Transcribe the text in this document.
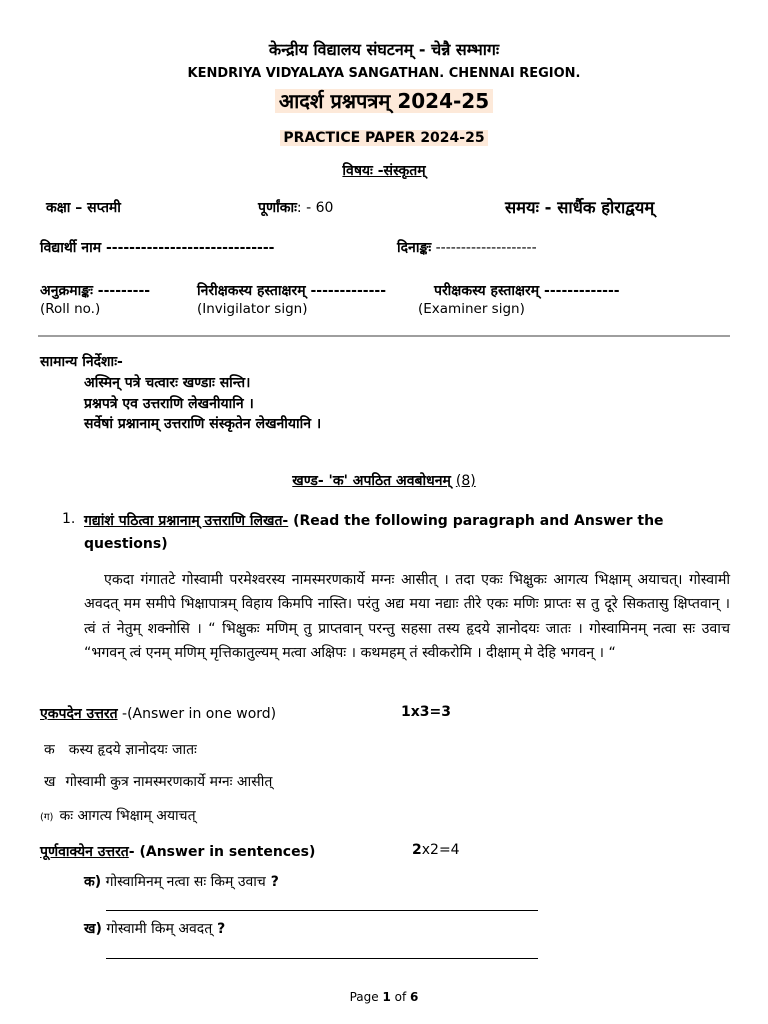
केन्द्रीय विद्यालय संघटनम् - चेन्नै सम्भागः
KENDRIYA VIDYALAYA SANGATHAN. CHENNAI REGION.
आदर्श प्रश्नपत्रम् 2024-25
PRACTICE PAPER 2024-25
विषयः -संस्कृतम्
कक्षा – सप्तमी	पूर्णांकाः: - 60	समयः - सार्धैक होराद्वयम्
विद्यार्थी नाम -----------------------------	दिनाङ्कः --------------------
अनुक्रमाङ्कः ---------	निरीक्षकस्य हस्ताक्षरम् -------------	परीक्षकस्य हस्ताक्षरम् -------------
(Roll no.)	(Invigilator sign)	(Examiner sign)
सामान्य निर्देशाः-
अस्मिन् पत्रे चत्वारः खण्डाः सन्ति।
प्रश्नपत्रे एव उत्तराणि लेखनीयानि ।
सर्वेषां प्रश्नानाम् उत्तराणि संस्कृतेन लेखनीयानि ।
खण्ड- 'क' अपठित अवबोधनम् (8)
1. गद्यांशं पठित्वा प्रश्नानाम् उत्तराणि लिखत- (Read the following paragraph and Answer the
questions)
एकदा गंगातटे गोस्वामी परमेश्वरस्य नामस्मरणकार्ये मग्नः आसीत् । तदा एकः भिक्षुकः आगत्य भिक्षाम् अयाचत्। गोस्वामी अवदत् मम समीपे भिक्षापात्रम् विहाय किमपि नास्ति। परंतु अद्य मया नद्याः तीरे एकः मणिः प्राप्तः स तु दूरे सिकतासु क्षिप्तवान् । त्वं तं नेतुम् शक्नोसि । “ भिक्षुकः मणिम् तु प्राप्तवान् परन्तु सहसा तस्य हृदये ज्ञानोदयः जातः । गोस्वामिनम् नत्वा सः उवाच “भगवन् त्वं एनम् मणिम् मृत्तिकातुल्यम् मत्वा अक्षिपः । कथमहम् तं स्वीकरोमि । दीक्षाम् मे देहि भगवन् । “
एकपदेन उत्तरत -(Answer in one word)	1x3=3
क कस्य हृदये ज्ञानोदयः जातः
ख गोस्वामी कुत्र नामस्मरणकार्ये मग्नः आसीत्
(ग) कः आगत्य भिक्षाम् अयाचत्
पूर्णवाक्येन उत्तरत- (Answer in sentences)	2x2=4
क) गोस्वामिनम् नत्वा सः किम् उवाच ?
ख) गोस्वामी किम् अवदत् ?
Page 1 of 6
